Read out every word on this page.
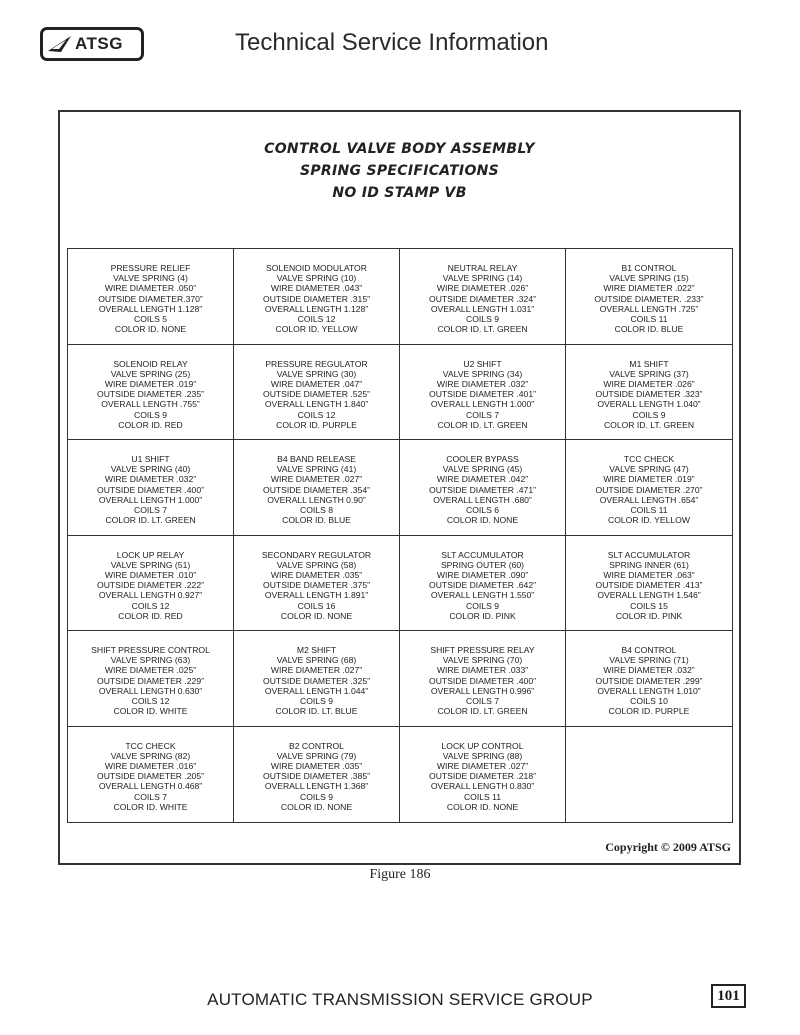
ATSG	Technical Service Information
CONTROL VALVE BODY ASSEMBLY
SPRING SPECIFICATIONS
NO ID STAMP VB
PRESSURE RELIEF
VALVE SPRING (4)
WIRE DIAMETER .050”
OUTSIDE DIAMETER.370”
OVERALL LENGTH 1.128”
COILS 5
COLOR ID. NONE
SOLENOID MODULATOR
VALVE SPRING (10)
WIRE DIAMETER .043”
OUTSIDE DIAMETER .315”
OVERALL LENGTH 1.128”
COILS 12
COLOR ID. YELLOW
NEUTRAL RELAY
VALVE SPRING (14)
WIRE DIAMETER .026”
OUTSIDE DIAMETER .324”
OVERALL LENGTH 1.031”
COILS 9
COLOR ID. LT. GREEN
B1 CONTROL
VALVE SPRING (15)
WIRE DIAMETER .022”
OUTSIDE DIAMETER. .233”
OVERALL LENGTH .725”
COILS 11
COLOR ID. BLUE
SOLENOID RELAY
VALVE SPRING (25)
WIRE DIAMETER .019”
OUTSIDE DIAMETER .235”
OVERALL LENGTH .755”
COILS 9
COLOR ID. RED
PRESSURE REGULATOR
VALVE SPRING (30)
WIRE DIAMETER .047”
OUTSIDE DIAMETER .525”
OVERALL LENGTH 1.840”
COILS 12
COLOR ID. PURPLE
U2 SHIFT
VALVE SPRING (34)
WIRE DIAMETER .032”
OUTSIDE DIAMETER .401”
OVERALL LENGTH 1.000”
COILS 7
COLOR ID. LT. GREEN
M1 SHIFT
VALVE SPRING (37)
WIRE DIAMETER .026”
OUTSIDE DIAMETER .323”
OVERALL LENGTH 1.040”
COILS 9
COLOR ID. LT. GREEN
U1 SHIFT
VALVE SPRING (40)
WIRE DIAMETER .032”
OUTSIDE DIAMETER .400”
OVERALL LENGTH 1.000”
COILS 7
COLOR ID. LT. GREEN
B4 BAND RELEASE
VALVE SPRING (41)
WIRE DIAMETER .027”
OUTSIDE DIAMETER .354”
OVERALL LENGTH 0.90”
COILS 8
COLOR ID. BLUE
COOLER BYPASS
VALVE SPRING (45)
WIRE DIAMETER .042”
OUTSIDE DIAMETER .471”
OVERALL LENGTH .680”
COILS 6
COLOR ID. NONE
TCC CHECK
VALVE SPRING (47)
WIRE DIAMETER .019”
OUTSIDE DIAMETER .270”
OVERALL LENGTH .654”
COILS 11
COLOR ID. YELLOW
LOCK UP RELAY
VALVE SPRING (51)
WIRE DIAMETER .010”
OUTSIDE DIAMETER .222”
OVERALL LENGTH 0.927”
COILS 12
COLOR ID. RED
SECONDARY REGULATOR
VALVE SPRING (58)
WIRE DIAMETER .035”
OUTSIDE DIAMETER .375”
OVERALL LENGTH 1.891”
COILS 16
COLOR ID. NONE
SLT ACCUMULATOR
SPRING OUTER (60)
WIRE DIAMETER .090”
OUTSIDE DIAMETER .642”
OVERALL LENGTH 1.550”
COILS 9
COLOR ID. PINK
SLT ACCUMULATOR
SPRING INNER (61)
WIRE DIAMETER .063”
OUTSIDE DIAMETER .413”
OVERALL LENGTH 1.546”
COILS 15
COLOR ID. PINK
SHIFT PRESSURE CONTROL
VALVE SPRING (63)
WIRE DIAMETER .025”
OUTSIDE DIAMETER .229”
OVERALL LENGTH 0.630”
COILS 12
COLOR ID. WHITE
M2 SHIFT
VALVE SPRING (68)
WIRE DIAMETER .027”
OUTSIDE DIAMETER .325”
OVERALL LENGTH 1.044”
COILS 9
COLOR ID. LT. BLUE
SHIFT PRESSURE RELAY
VALVE SPRING (70)
WIRE DIAMETER .033”
OUTSIDE DIAMETER .400”
OVERALL LENGTH 0.996”
COILS 7
COLOR ID. LT. GREEN
B4 CONTROL
VALVE SPRING (71)
WIRE DIAMETER .032”
OUTSIDE DIAMETER .299”
OVERALL LENGTH 1.010”
COILS 10
COLOR ID. PURPLE
TCC CHECK
VALVE SPRING (82)
WIRE DIAMETER .016”
OUTSIDE DIAMETER .205”
OVERALL LENGTH 0.468”
COILS 7
COLOR ID. WHITE
B2 CONTROL
VALVE SPRING (79)
WIRE DIAMETER .035”
OUTSIDE DIAMETER .385”
OVERALL LENGTH 1.368”
COILS 9
COLOR ID. NONE
LOCK UP CONTROL
VALVE SPRING (88)
WIRE DIAMETER .027”
OUTSIDE DIAMETER .218”
OVERALL LENGTH 0.830”
COILS 11
COLOR ID. NONE
Copyright © 2009 ATSG
Figure 186
AUTOMATIC TRANSMISSION SERVICE GROUP	101
